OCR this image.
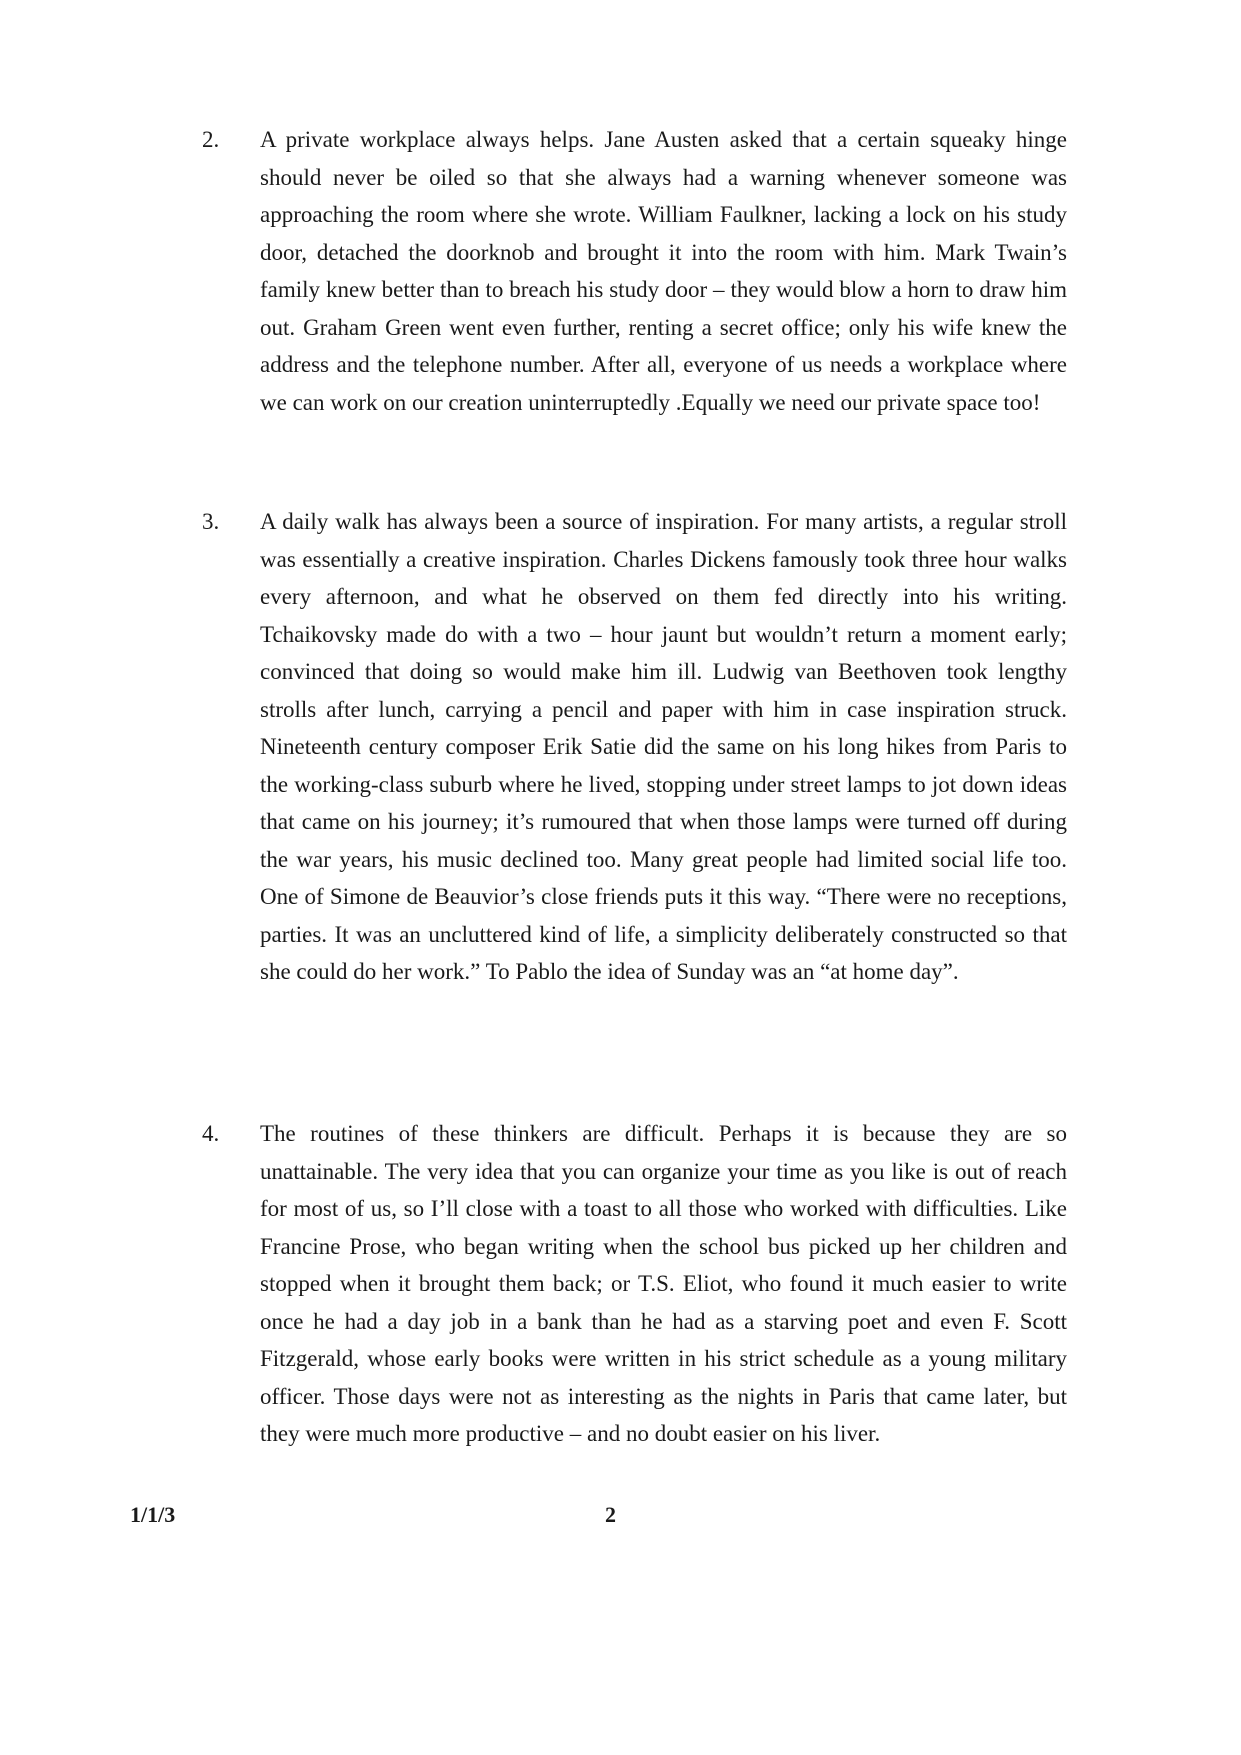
2. A private workplace always helps. Jane Austen asked that a certain squeaky hinge should never be oiled so that she always had a warning whenever someone was approaching the room where she wrote. William Faulkner, lacking a lock on his study door, detached the doorknob and brought it into the room with him. Mark Twain’s family knew better than to breach his study door – they would blow a horn to draw him out. Graham Green went even further, renting a secret office; only his wife knew the address and the telephone number. After all, everyone of us needs a workplace where we can work on our creation uninterruptedly .Equally we need our private space too!

3. A daily walk has always been a source of inspiration. For many artists, a regular stroll was essentially a creative inspiration. Charles Dickens famously took three hour walks every afternoon, and what he observed on them fed directly into his writing. Tchaikovsky made do with a two – hour jaunt but wouldn’t return a moment early; convinced that doing so would make him ill. Ludwig van Beethoven took lengthy strolls after lunch, carrying a pencil and paper with him in case inspiration struck. Nineteenth century composer Erik Satie did the same on his long hikes from Paris to the working-class suburb where he lived, stopping under street lamps to jot down ideas that came on his journey; it’s rumoured that when those lamps were turned off during the war years, his music declined too. Many great people had limited social life too. One of Simone de Beauvior’s close friends puts it this way. “There were no receptions, parties. It was an uncluttered kind of life, a simplicity deliberately constructed so that she could do her work.” To Pablo the idea of Sunday was an “at home day”.

4. The routines of these thinkers are difficult. Perhaps it is because they are so unattainable. The very idea that you can organize your time as you like is out of reach for most of us, so I’ll close with a toast to all those who worked with difficulties. Like Francine Prose, who began writing when the school bus picked up her children and stopped when it brought them back; or T.S. Eliot, who found it much easier to write once he had a day job in a bank than he had as a starving poet and even F. Scott Fitzgerald, whose early books were written in his strict schedule as a young military officer. Those days were not as interesting as the nights in Paris that came later, but they were much more productive – and no doubt easier on his liver.

1/1/3	2
